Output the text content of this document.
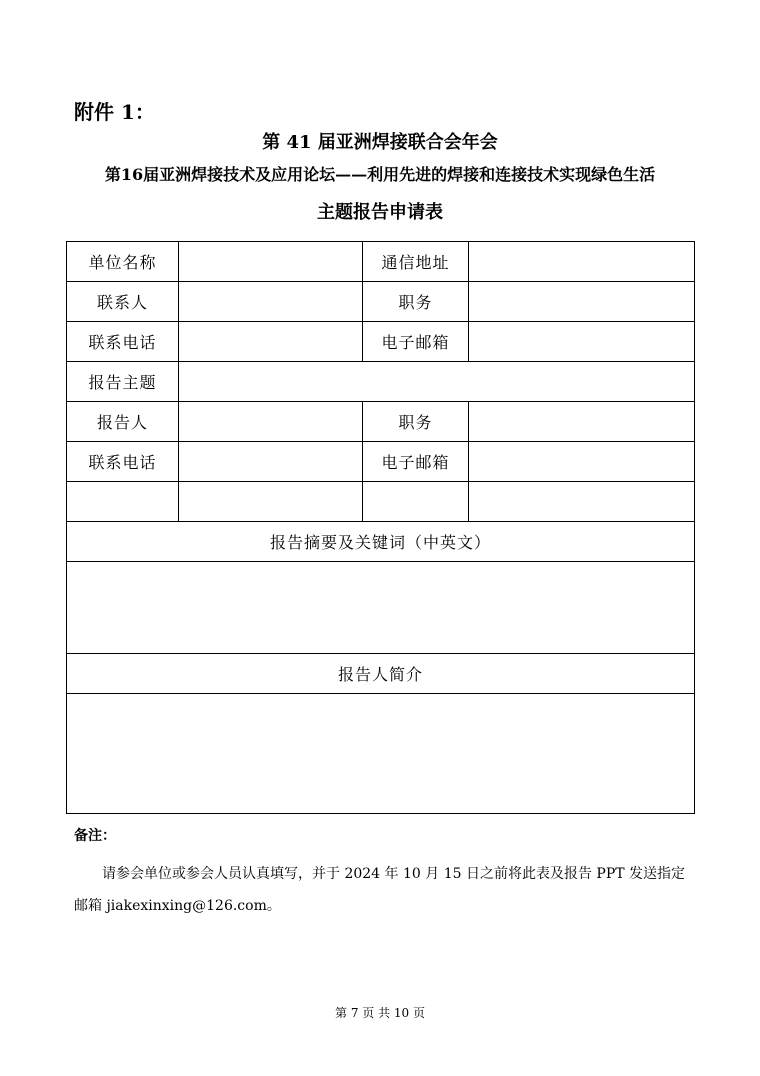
附件 1：
第 41 届亚洲焊接联合会年会
第16届亚洲焊接技术及应用论坛——利用先进的焊接和连接技术实现绿色生活
主题报告申请表
单位名称		通信地址	
联系人		职务	
联系电话		电子邮箱	
报告主题			
报告人		职务	
联系电话		电子邮箱	

报告摘要及关键词（中英文）			

报告人简介			

备注：
请参会单位或参会人员认真填写，并于 2024 年 10 月 15 日之前将此表及报告 PPT 发送指定邮箱 jiakexinxing@126.com。
第 7 页 共 10 页
